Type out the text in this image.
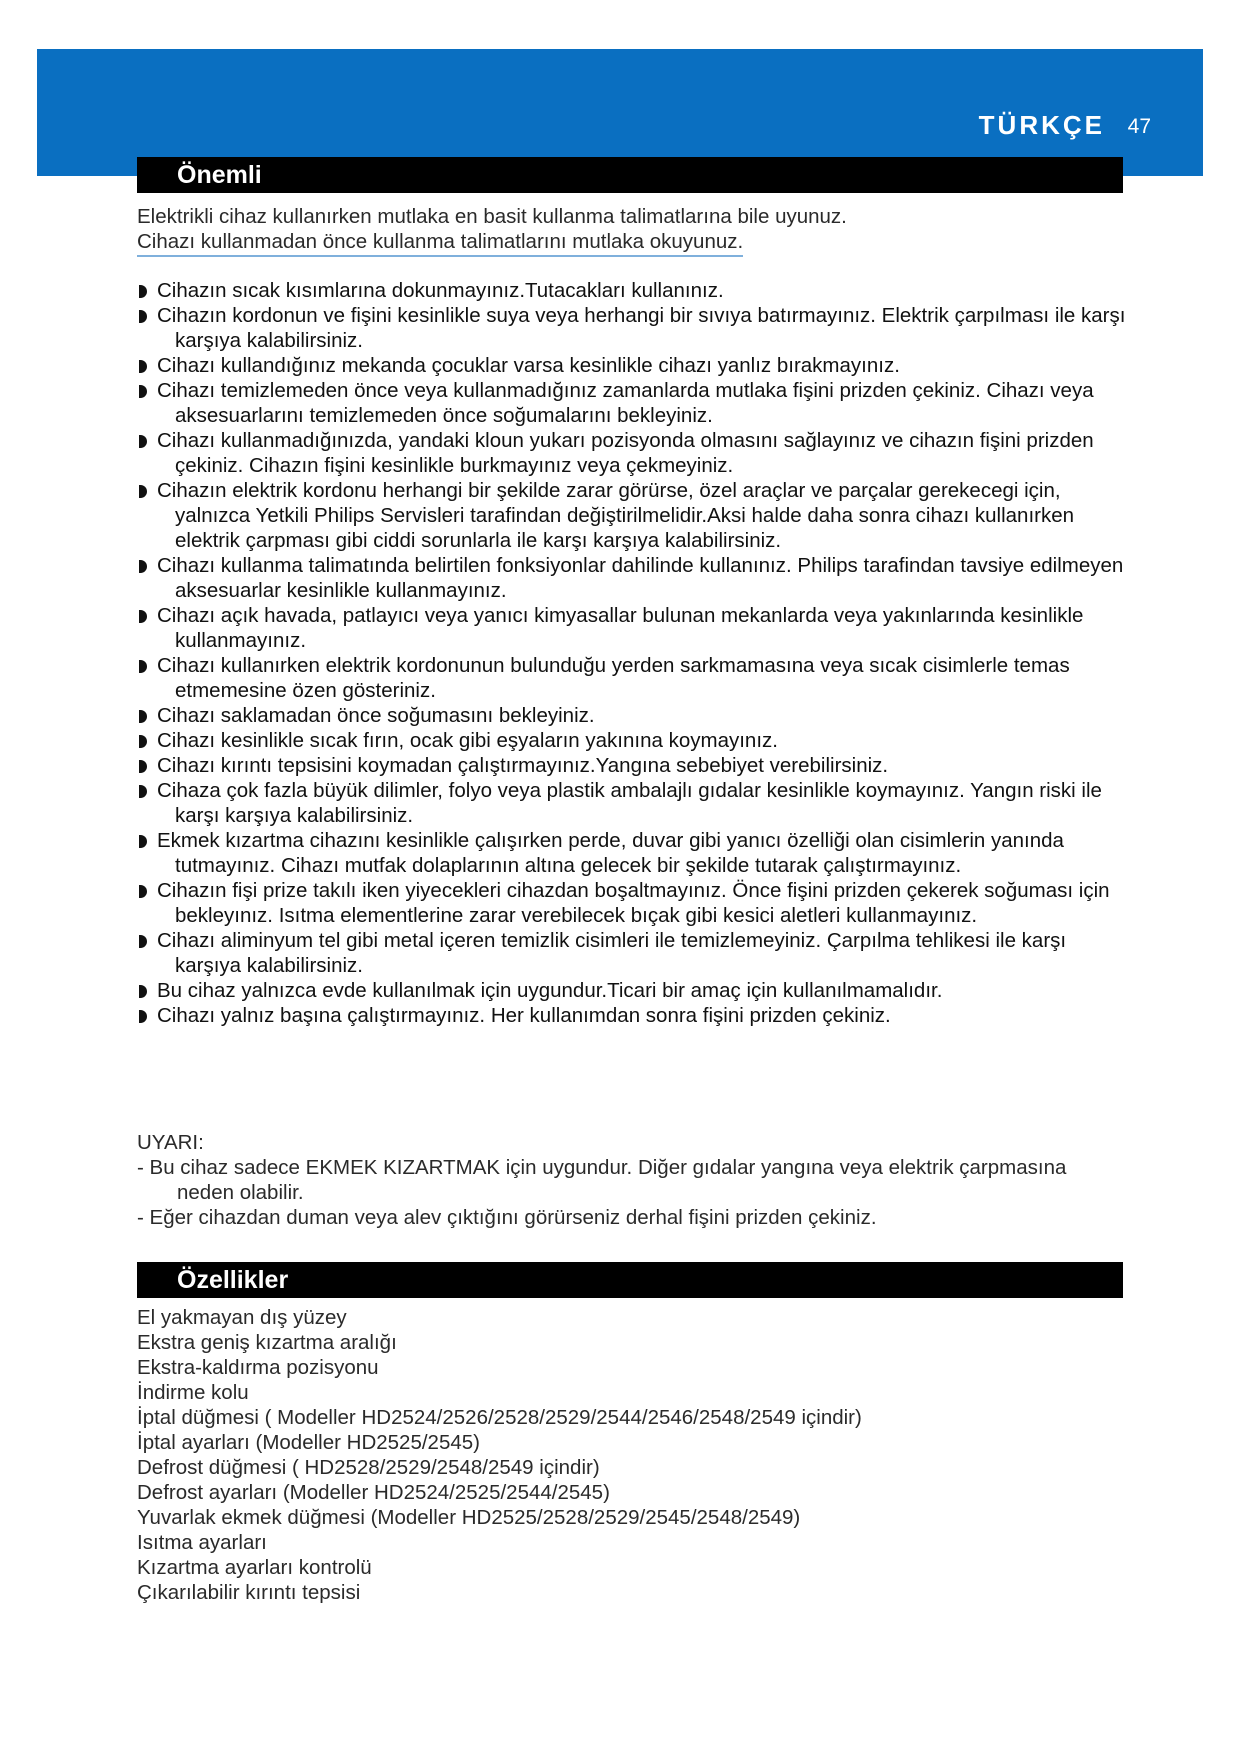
TÜRKÇE 47
Önemli
Elektrikli cihaz kullanırken mutlaka en basit kullanma talimatlarına bile uyunuz.
Cihazı kullanmadan önce kullanma talimatlarını mutlaka okuyunuz.
Cihazın sıcak kısımlarına dokunmayınız.Tutacakları kullanınız.
Cihazın kordonun ve fişini kesinlikle suya veya herhangi bir sıvıya batırmayınız. Elektrik çarpılması ile karşı karşıya kalabilirsiniz.
Cihazı kullandığınız mekanda çocuklar varsa kesinlikle cihazı yanlız bırakmayınız.
Cihazı temizlemeden önce veya kullanmadığınız zamanlarda mutlaka fişini prizden çekiniz. Cihazı veya aksesuarlarını temizlemeden önce soğumalarını bekleyiniz.
Cihazı kullanmadığınızda, yandaki kloun yukarı pozisyonda olmasını sağlayınız ve cihazın fişini prizden çekiniz. Cihazın fişini kesinlikle burkmayınız veya çekmeyiniz.
Cihazın elektrik kordonu herhangi bir şekilde zarar görürse, özel araçlar ve parçalar gerekecegi için, yalnızca Yetkili Philips Servisleri tarafindan değiştirilmelidir.Aksi halde daha sonra cihazı kullanırken elektrik çarpması gibi ciddi sorunlarla ile karşı karşıya kalabilirsiniz.
Cihazı kullanma talimatında belirtilen fonksiyonlar dahilinde kullanınız. Philips tarafindan tavsiye edilmeyen aksesuarlar kesinlikle kullanmayınız.
Cihazı açık havada, patlayıcı veya yanıcı kimyasallar bulunan mekanlarda veya yakınlarında kesinlikle kullanmayınız.
Cihazı kullanırken elektrik kordonunun bulunduğu yerden sarkmamasına veya sıcak cisimlerle temas etmemesine özen gösteriniz.
Cihazı saklamadan önce soğumasını bekleyiniz.
Cihazı kesinlikle sıcak fırın, ocak gibi eşyaların yakınına koymayınız.
Cihazı kırıntı tepsisini koymadan çalıştırmayınız.Yangına sebebiyet verebilirsiniz.
Cihaza çok fazla büyük dilimler, folyo veya plastik ambalajlı gıdalar kesinlikle koymayınız. Yangın riski ile karşı karşıya kalabilirsiniz.
Ekmek kızartma cihazını kesinlikle çalışırken perde, duvar gibi yanıcı özelliği olan cisimlerin yanında tutmayınız. Cihazı mutfak dolaplarının altına gelecek bir şekilde tutarak çalıştırmayınız.
Cihazın fişi prize takılı iken yiyecekleri cihazdan boşaltmayınız. Önce fişini prizden çekerek soğuması için bekleyınız. Isıtma elementlerine zarar verebilecek bıçak gibi kesici aletleri kullanmayınız.
Cihazı aliminyum tel gibi metal içeren temizlik cisimleri ile temizlemeyiniz. Çarpılma tehlikesi ile karşı karşıya kalabilirsiniz.
Bu cihaz yalnızca evde kullanılmak için uygundur.Ticari bir amaç için kullanılmamalıdır.
Cihazı yalnız başına çalıştırmayınız. Her kullanımdan sonra fişini prizden çekiniz.
UYARI:
- Bu cihaz sadece EKMEK KIZARTMAK için uygundur. Diğer gıdalar yangına veya elektrik çarpmasına neden olabilir.
- Eğer cihazdan duman veya alev çıktığını görürseniz derhal fişini prizden çekiniz.
Özellikler
El yakmayan dış yüzey
Ekstra geniş kızartma aralığı
Ekstra-kaldırma pozisyonu
İndirme kolu
İptal düğmesi ( Modeller HD2524/2526/2528/2529/2544/2546/2548/2549 içindir)
İptal ayarları (Modeller HD2525/2545)
Defrost düğmesi ( HD2528/2529/2548/2549 içindir)
Defrost ayarları (Modeller HD2524/2525/2544/2545)
Yuvarlak ekmek düğmesi (Modeller HD2525/2528/2529/2545/2548/2549)
Isıtma ayarları
Kızartma ayarları kontrolü
Çıkarılabilir kırıntı tepsisi
